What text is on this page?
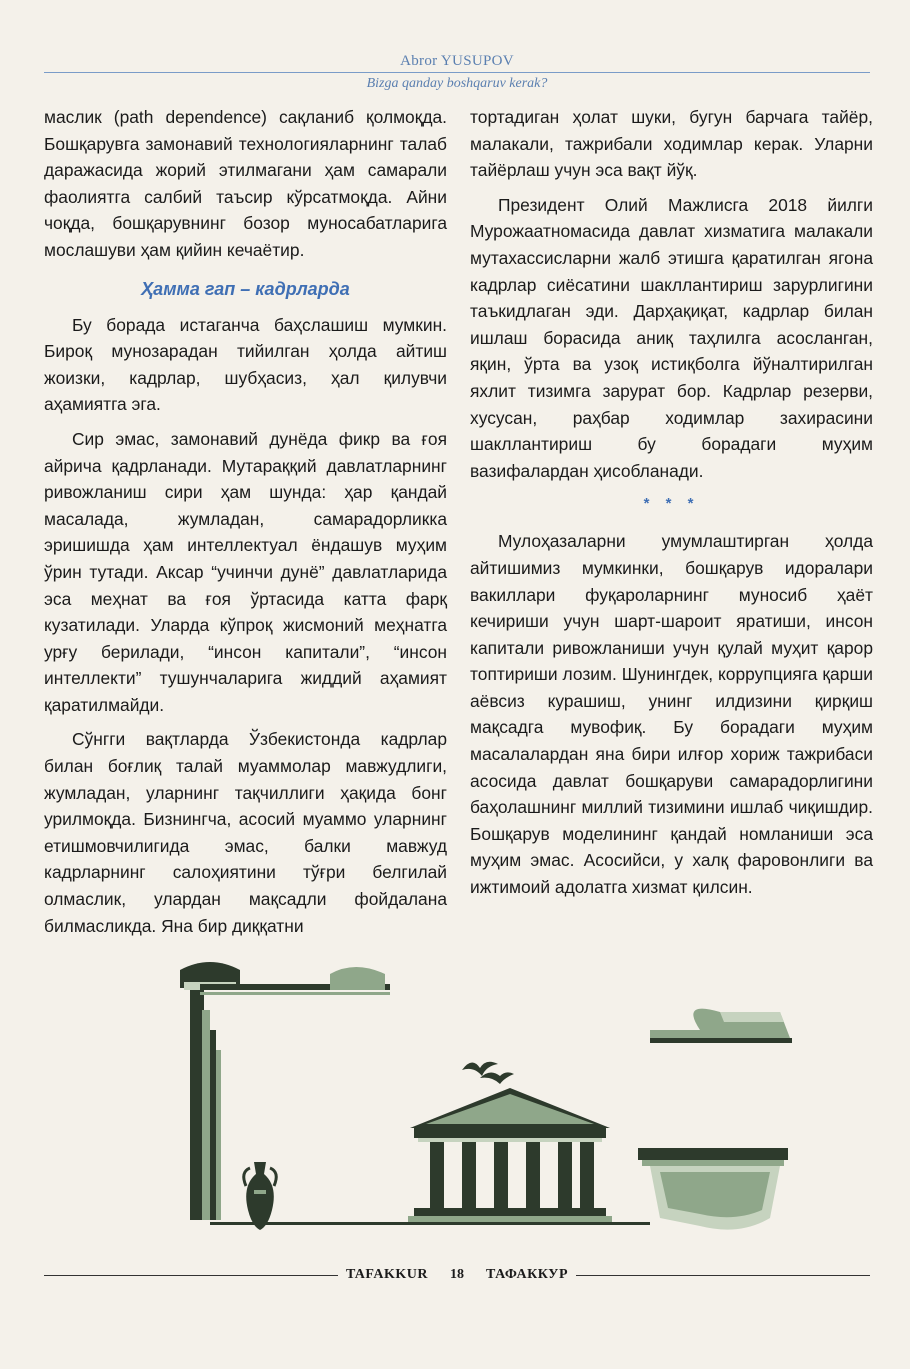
Abror YUSUPOV
Bizga qanday boshqaruv kerak?

маслик (path dependence) сақланиб қолмоқда. Бошқарувга замонавий технологияларнинг талаб даражасида жорий этилмагани ҳам самарали фаолиятга салбий таъсир кўрсатмоқда. Айни чоқда, бошқарувнинг бозор муносабатларига мослашуви ҳам қийин кечаётир.

Ҳамма гап – кадрларда

Бу борада истаганча баҳслашиш мумкин. Бироқ мунозарадан тийилган ҳолда айтиш жоизки, кадрлар, шубҳасиз, ҳал қилувчи аҳамиятга эга.

Сир эмас, замонавий дунёда фикр ва ғоя айрича қадрланади. Мутараққий давлатларнинг ривожланиш сири ҳам шунда: ҳар қандай масалада, жумладан, самарадорликка эришишда ҳам интеллектуал ёндашув муҳим ўрин тутади. Аксар “учинчи дунё” давлатларида эса меҳнат ва ғоя ўртасида катта фарқ кузатилади. Уларда кўпроқ жисмоний меҳнатга урғу берилади, “инсон капитали”, “инсон интеллекти” тушунчаларига жиддий аҳамият қаратилмайди.

Сўнгги вақтларда Ўзбекистонда кадрлар билан боғлиқ талай муаммолар мавжудлиги, жумладан, уларнинг тақчиллиги ҳақида бонг урилмоқда. Бизнингча, асосий муаммо уларнинг етишмовчилигида эмас, балки мавжуд кадрларнинг салоҳиятини тўғри белгилай олмаслик, улардан мақсадли фойдалана билмасликда. Яна бир диққатни

тортадиган ҳолат шуки, бугун барчага тайёр, малакали, тажрибали ходимлар керак. Уларни тайёрлаш учун эса вақт йўқ.

Президент Олий Мажлисга 2018 йилги Мурожаатномасида давлат хизматига малакали мутахассисларни жалб этишга қаратилган ягона кадрлар сиёсатини шакллантириш зарурлигини таъкидлаган эди. Дарҳақиқат, кадрлар билан ишлаш борасида аниқ таҳлилга асосланган, яқин, ўрта ва узоқ истиқболга йўналтирилган яхлит тизимга зарурат бор. Кадрлар резерви, хусусан, раҳбар ходимлар захирасини шакллантириш бу борадаги муҳим вазифалардан ҳисобланади.

* * *

Мулоҳазаларни умумлаштирган ҳолда айтишимиз мумкинки, бошқарув идоралари вакиллари фуқароларнинг муносиб ҳаёт кечириши учун шарт-шароит яратиши, инсон капитали ривожланиши учун қулай муҳит қарор топтириши лозим. Шунингдек, коррупцияга қарши аёвсиз курашиш, унинг илдизини қирқиш мақсадга мувофиқ. Бу борадаги муҳим масалалардан яна бири илғор хориж тажрибаси асосида давлат бошқаруви самарадорлигини баҳолашнинг миллий тизимини ишлаб чиқишдир. Бошқарув моделининг қандай номланиши эса муҳим эмас. Асосийси, у халқ фаровонлиги ва ижтимоий адолатга хизмат қилсин.

TAFAKKUR	18	ТАФАККУР
